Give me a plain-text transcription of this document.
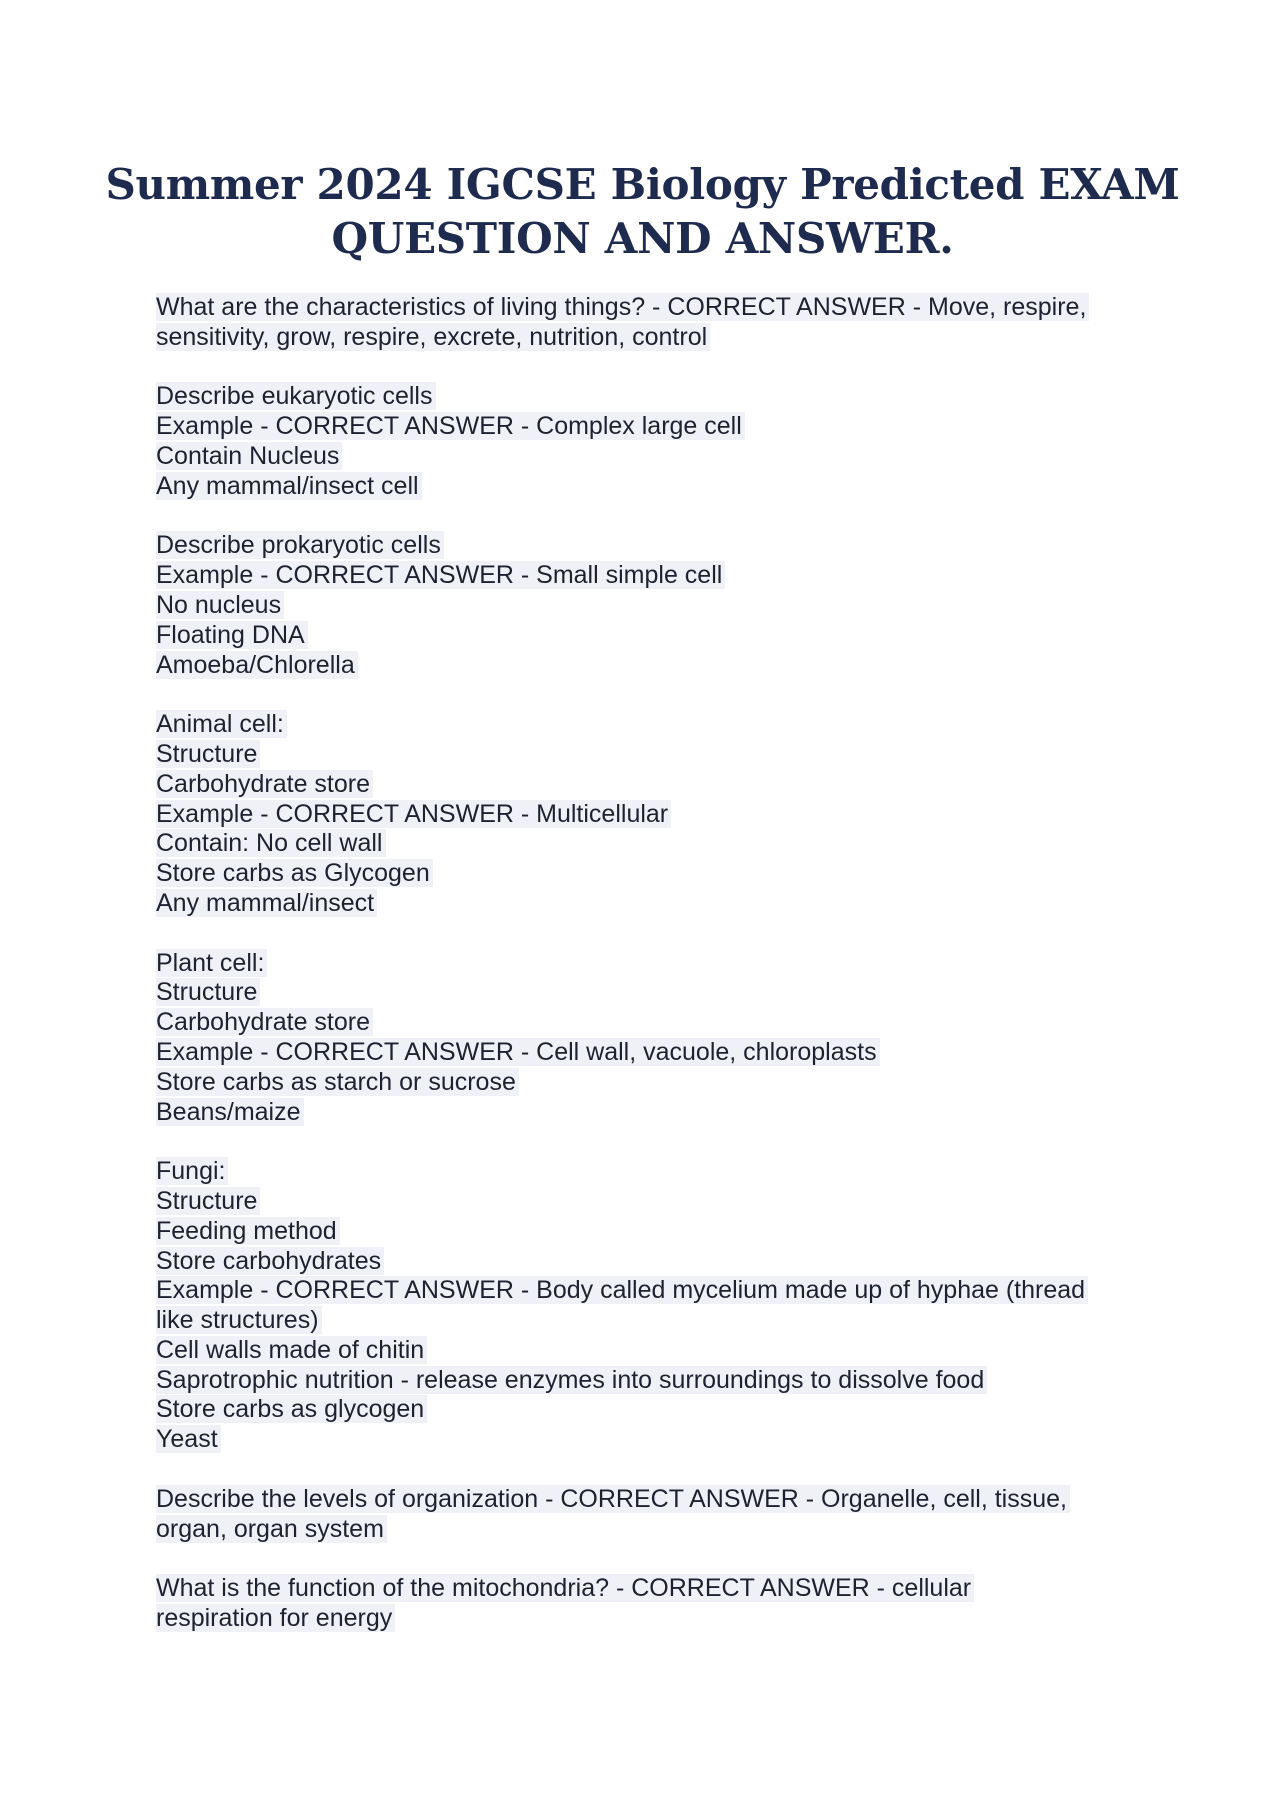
Summer 2024 IGCSE Biology Predicted EXAM
QUESTION AND ANSWER.
What are the characteristics of living things? - CORRECT ANSWER - Move, respire,
sensitivity, grow, respire, excrete, nutrition, control
Describe eukaryotic cells
Example - CORRECT ANSWER - Complex large cell
Contain Nucleus
Any mammal/insect cell
Describe prokaryotic cells
Example - CORRECT ANSWER - Small simple cell
No nucleus
Floating DNA
Amoeba/Chlorella
Animal cell:
Structure
Carbohydrate store
Example - CORRECT ANSWER - Multicellular
Contain: No cell wall
Store carbs as Glycogen
Any mammal/insect
Plant cell:
Structure
Carbohydrate store
Example - CORRECT ANSWER - Cell wall, vacuole, chloroplasts
Store carbs as starch or sucrose
Beans/maize
Fungi:
Structure
Feeding method
Store carbohydrates
Example - CORRECT ANSWER - Body called mycelium made up of hyphae (thread
like structures)
Cell walls made of chitin
Saprotrophic nutrition - release enzymes into surroundings to dissolve food
Store carbs as glycogen
Yeast
Describe the levels of organization - CORRECT ANSWER - Organelle, cell, tissue,
organ, organ system
What is the function of the mitochondria? - CORRECT ANSWER - cellular
respiration for energy
